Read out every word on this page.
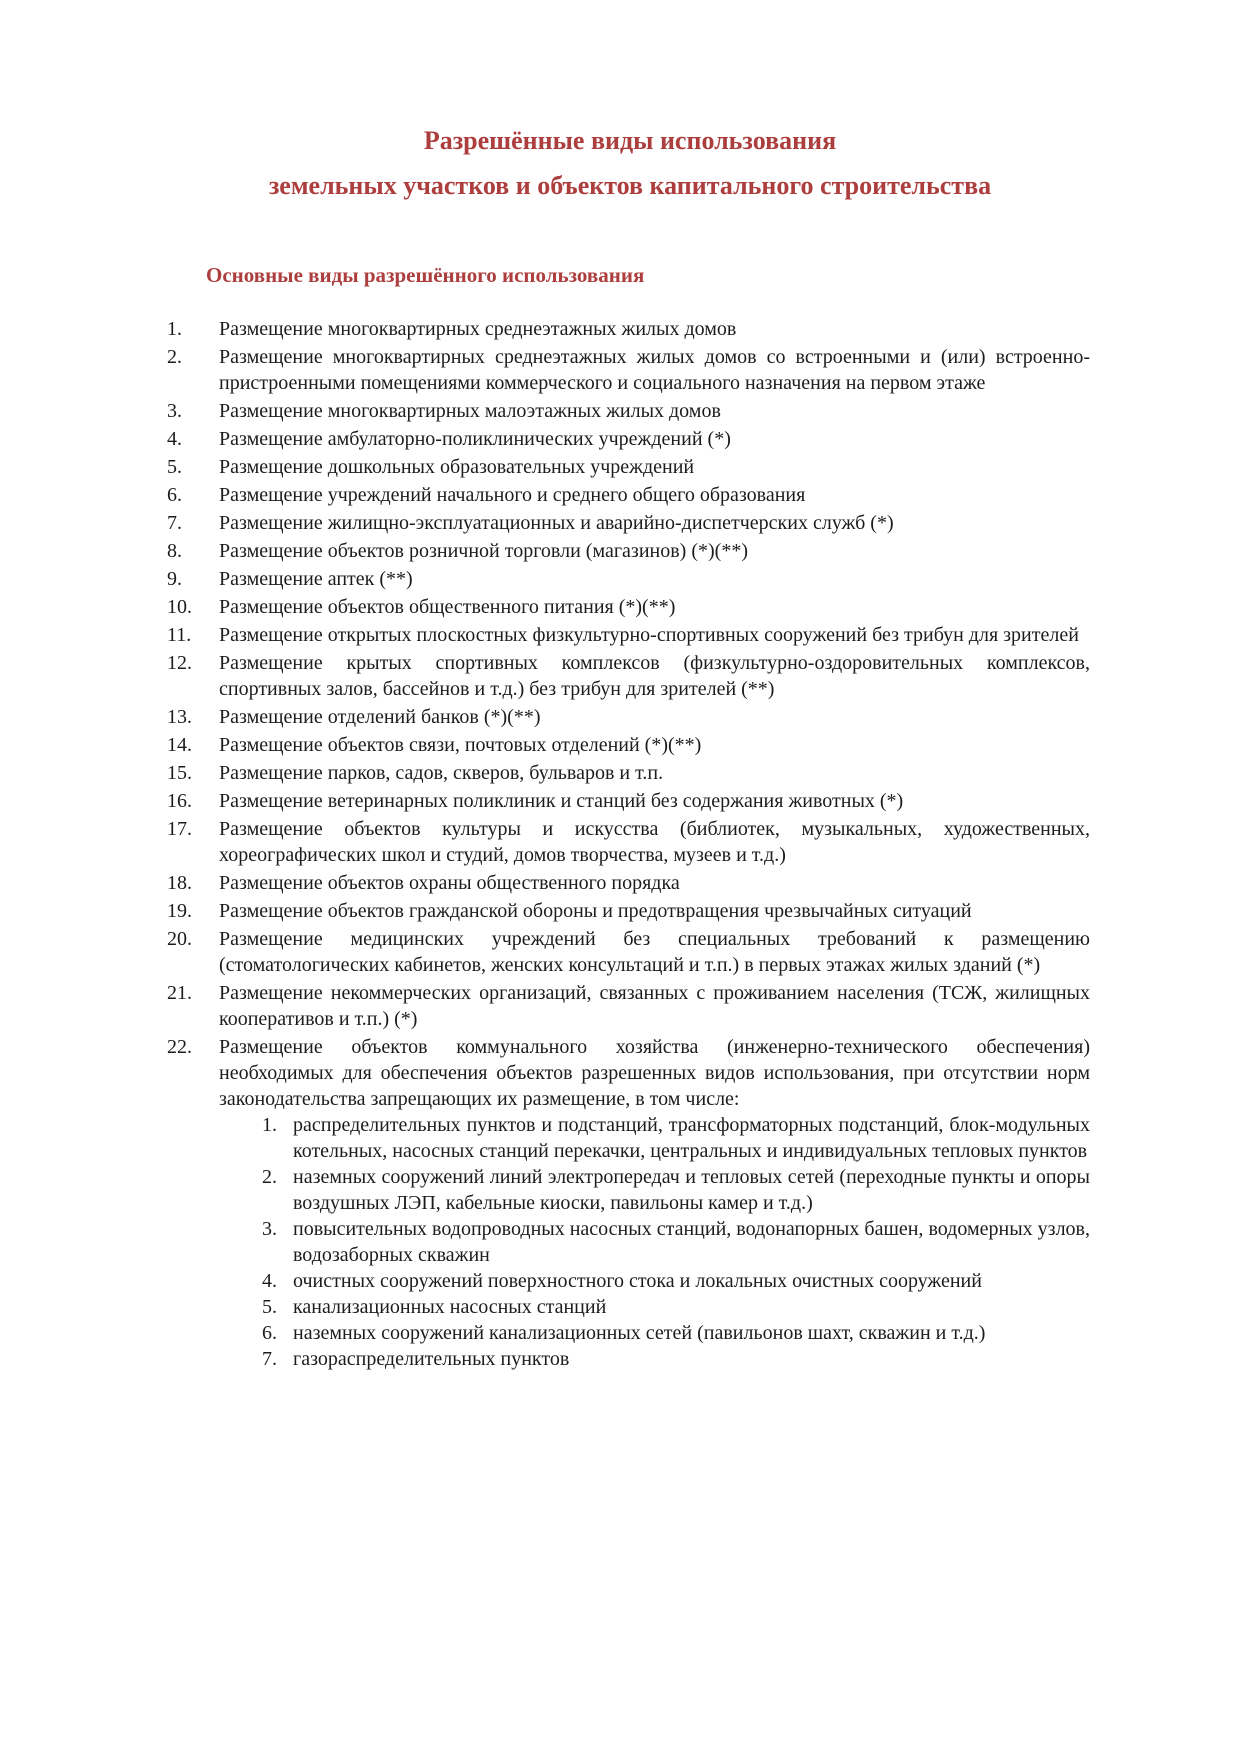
Разрешённые виды использования
земельных участков и объектов капитального строительства
Основные виды разрешённого использования
1. Размещение многоквартирных среднеэтажных жилых домов
2. Размещение многоквартирных среднеэтажных жилых домов со встроенными и (или) встроенно-пристроенными помещениями коммерческого и социального назначения на первом этаже
3. Размещение многоквартирных малоэтажных жилых домов
4. Размещение амбулаторно-поликлинических учреждений (*)
5. Размещение дошкольных образовательных учреждений
6. Размещение учреждений начального и среднего общего образования
7. Размещение жилищно-эксплуатационных и аварийно-диспетчерских служб (*)
8. Размещение объектов розничной торговли (магазинов) (*)(**)
9. Размещение аптек (**)
10. Размещение объектов общественного питания (*)(**)
11. Размещение открытых плоскостных физкультурно-спортивных сооружений без трибун для зрителей
12. Размещение крытых спортивных комплексов (физкультурно-оздоровительных комплексов, спортивных залов, бассейнов и т.д.) без трибун для зрителей (**)
13. Размещение отделений банков (*)(**)
14. Размещение объектов связи, почтовых отделений (*)(**)
15. Размещение парков, садов, скверов, бульваров и т.п.
16. Размещение ветеринарных поликлиник и станций без содержания животных (*)
17. Размещение объектов культуры и искусства (библиотек, музыкальных, художественных, хореографических школ и студий, домов творчества, музеев и т.д.)
18. Размещение объектов охраны общественного порядка
19. Размещение объектов гражданской обороны и предотвращения чрезвычайных ситуаций
20. Размещение медицинских учреждений без специальных требований к размещению (стоматологических кабинетов, женских консультаций и т.п.) в первых этажах жилых зданий (*)
21. Размещение некоммерческих организаций, связанных с проживанием населения (ТСЖ, жилищных кооперативов и т.п.) (*)
22. Размещение объектов коммунального хозяйства (инженерно-технического обеспечения) необходимых для обеспечения объектов разрешенных видов использования, при отсутствии норм законодательства запрещающих их размещение, в том числе:
1. распределительных пунктов и подстанций, трансформаторных подстанций, блок-модульных котельных, насосных станций перекачки, центральных и индивидуальных тепловых пунктов
2. наземных сооружений линий электропередач и тепловых сетей (переходные пункты и опоры воздушных ЛЭП, кабельные киоски, павильоны камер и т.д.)
3. повысительных водопроводных насосных станций, водонапорных башен, водомерных узлов, водозаборных скважин
4. очистных сооружений поверхностного стока и локальных очистных сооружений
5. канализационных насосных станций
6. наземных сооружений канализационных сетей (павильонов шахт, скважин и т.д.)
7. газораспределительных пунктов
